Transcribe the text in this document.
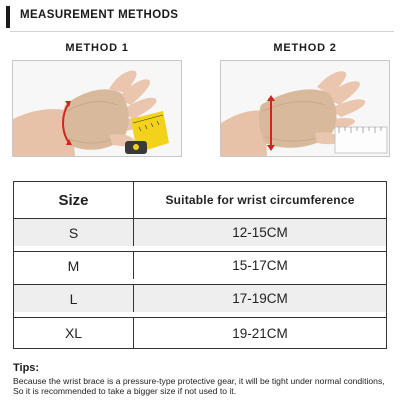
MEASUREMENT METHODS
METHOD 1	METHOD 2
Size	Suitable for wrist circumference
S	12-15CM
M	15-17CM
L	17-19CM
XL	19-21CM
Tips:
Because the wrist brace is a pressure-type protective gear, it will be tight under normal conditions, So it is recommended to take a bigger size if not used to it.
